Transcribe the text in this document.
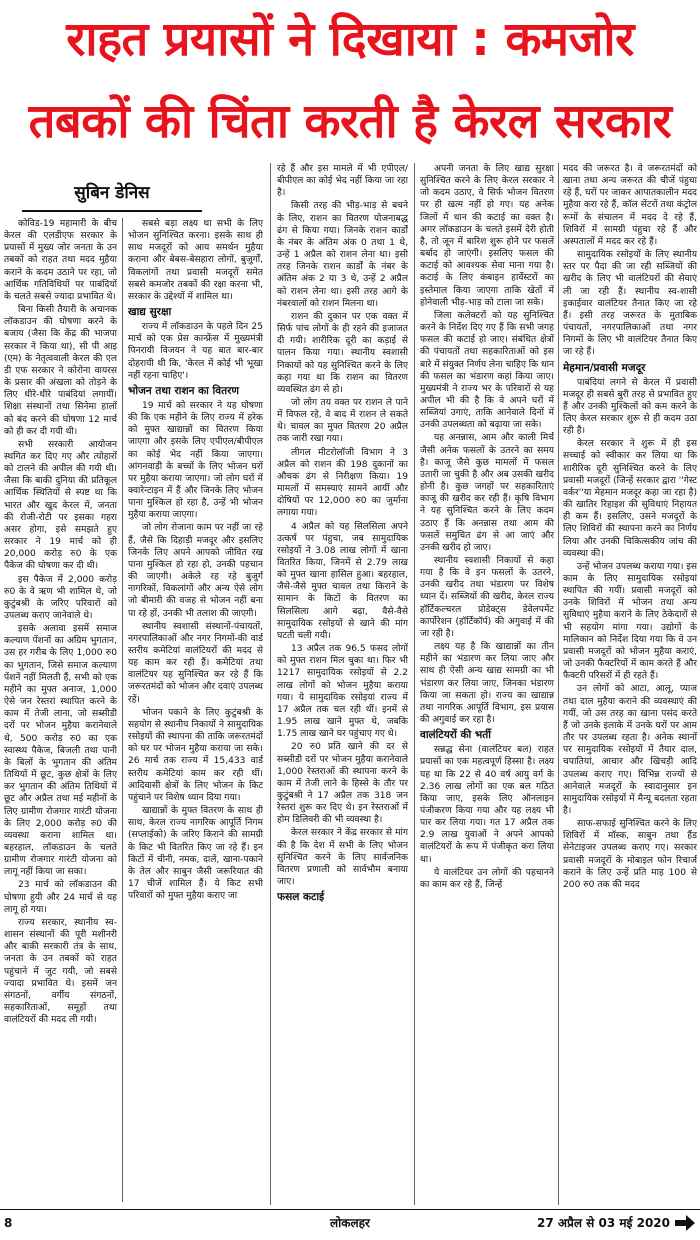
राहत प्रयासों ने दिखाया : कमजोर
तबकों की चिंता करती है केरल सरकार
सुबिन डेनिस

कोविड-19 महामारी के बीच केरल की एलडीएफ सरकार के प्रयासों में मुख्य जोर जनता के उन तबकों को राहत तथा मदद मुहैया कराने के कदम उठाने पर रहा, जो आर्थिक गतिविधियों पर पाबंदियों के चलते सबसे ज्यादा प्रभावित थे।

बिना किसी तैयारी के अचानक लॉकडाउन की घोषणा करने के बजाय (जैसा कि केंद्र की भाजपा सरकार ने किया था), सी पी आइ (एम) के नेतृत्ववाली केरल की एल डी एफ सरकार ने कोरोना वायरस के प्रसार की अंखला को तोड़ने के लिए धीरे-धीरे पाबंदियां लगायीं। शिक्षा संस्थानों तथा सिनेमा हालों को बंद करने की घोषणा 12 मार्च को ही कर दी गयी थी।

सभी सरकारी आयोजन स्थगित कर दिए गए और त्योहारों को टालने की अपील की गयी थी। जैसा कि बाकी दुनिया की प्रतिकूल आर्थिक स्थितियों से स्पष्ट था कि भारत और खुद केरल में, जनता की रोजी-रोटी पर इसका गहरा असर होगा, इसे समझते हुए सरकार ने 19 मार्च को ही 20,000 करोड़ रु0 के एक पैकेज की घोषणा कर दी थी।

इस पैकेज में 2,000 करोड़ रु0 के वे ऋण भी शामिल थे, जो कुटुंबश्री के जरिए परिवारों को उपलब्ध कराए जानेवाले थे।

इसके अलावा इसमें समाज कल्याण पेंशनों का अग्रिम भुगतान, उस हर गरीब के लिए 1,000 रु0 का भुगतान, जिसे समाज कल्याण पेंशनें नहीं मिलती हैं, सभी को एक महीने का मुफ्त अनाज, 1,000 ऐसे जन रेस्तरां स्थापित करने के काम में तेजी लाना, जो सब्सीडी दरों पर भोजन मुहैया करानेवाले थे, 500 करोड़ रु0 का एक स्वास्थ्य पैकेज, बिजली तथा पानी के बिलों के भुगतान की अंतिम तिथियों में छूट, कुछ क्षेत्रों के लिए कर भुगतान की अंतिम तिथियों में छूट और अप्रैल तथा मई महीनों के लिए ग्रामीण रोजगार गारंटी योजना के लिए 2,000 करोड़ रु0 की व्यवस्था कराना शामिल था। बहरहाल, लॉकडाउन के चलते ग्रामीण रोजगार गारंटी योजना को लागू नहीं किया जा सका।

23 मार्च को लॉकडाउन की घोषणा हुयी और 24 मार्च से यह लागू हो गया।

राज्य सरकार, स्थानीय स्व-शासन संस्थानों की पूरी मशीनरी और बाकी सरकारी तंत्र के साथ, जनता के उन तबकों को राहत पहुंचाने में जुट गयी, जो सबसे ज्यादा प्रभावित थे। इसमें जन संगठनों, वर्गीय संगठनों, सहकारिताओं, समूहों तथा वालंटियरों की मदद ली गयी।

सबसे बड़ा लक्ष्य था सभी के लिए भोजन सुनिश्चित करना। इसके साथ ही साथ मजदूरों को आय समर्थन मुहैया कराना और बेबस-बेसहारा लोगों, बुजुर्गों, विकलांगों तथा प्रवासी मजदूरों समेत सबसे कमजोर तबकों की रक्षा करना भी, सरकार के उद्देश्यों में शामिल था।

खाद्य सुरक्षा

राज्य में लॉकडाउन के पहले दिन 25 मार्च को एक प्रेस कान्फ्रेंस में मुख्यमंत्री पिनरायी विजयन ने यह बात बार-बार दोहरायी थी कि, 'केरल में कोई भी भूखा नहीं रहना चाहिए'।

भोजन तथा राशन का वितरण

19 मार्च को सरकार ने यह घोषणा की कि एक महीने के लिए राज्य में हरेक को मुफ्त खाद्यान्नों का वितरण किया जाएगा और इसके लिए एपीएल/बीपीएल का कोई भेद नहीं किया जाएगा। आंगनवाड़ी के बच्चों के लिए भोजन घरों पर मुहैया कराया जाएगा। जो लोग घरों में क्वारेन्टाइन में हैं और जिनके लिए भोजन पाना मुश्किल हो रहा है, उन्हें भी भोजन मुहैया कराया जाएगा।

जो लोग रोजाना काम पर नहीं जा रहे हैं, जैसे कि दिहाड़ी मजदूर और इसलिए जिनके लिए अपने आपको जीवित रख पाना मुश्किल हो रहा हो, उनकी पहचान की जाएगी। अकेले रह रहे बुजुर्ग नागरिकों, विकलांगों और अन्य ऐसे लोग जो बीमारी की वजह से भोजन नहीं बना पा रहे हों, उनकी भी तलाश की जाएगी।

स्थानीय स्वशासी संस्थानों-पंचायतों, नगरपालिकाओं और नगर निगमों-की वार्ड स्तरीय कमेटियां वालंटियरों की मदद से यह काम कर रही हैं। कमेटियां तथा वालंटियर यह सुनिश्चित कर रहे हैं कि जरूरतमंदों को भोजन और दवाएं उपलब्ध रहें।

भोजन पकाने के लिए कुटुंबश्री के सहयोग से स्थानीय निकायों ने सामुदायिक रसोइयों की स्थापना की ताकि जरूरतमंदों को घर पर भोजन मुहैया कराया जा सके। 26 मार्च तक राज्य में 15,433 वार्ड स्तरीय कमेटियां काम कर रही थीं। आदिवासी क्षेत्रों के लिए भोजन के किट पहुंचाने पर विशेष ध्यान दिया गया।

खाद्यान्नों के मुफ्त वितरण के साथ ही साथ, केरल राज्य नागरिक आपूर्ति निगम (सप्लाईको) के जरिए किराने की सामग्री के किट भी वितरित किए जा रहे हैं। इन किटों में चीनी, नमक, दालें, खाना-पकाने के तेल और साबुन जैसी जरूरियात की 17 चीजें शामिल हैं। ये किट सभी परिवारों को मुफ्त मुहैया कराए जा

रहे हैं और इस मामले में भी एपीएल/बीपीएल का कोई भेद नहीं किया जा रहा है।

किसी तरह की भीड़-भाड़ से बचने के लिए, राशन का वितरण योजनाबद्ध ढंग से किया गया। जिनके राशन कार्डों के नंबर के अंतिम अंक 0 तथा 1 थे, उन्हें 1 अप्रैल को राशन लेना था। इसी तरह जिनके राशन कार्डों के नंबर के अंतिम अंक 2 या 3 थे, उन्हें 2 अप्रैल को राशन लेना था। इसी तरह आगे के नंबरवालों को राशन मिलना था।

राशन की दुकान पर एक वक्त में सिर्फ पांच लोगों के ही रहने की इजाजत दी गयी। शारीरिक दूरी का कड़ाई से पालन किया गया। स्थानीय स्वशासी निकायों को यह सुनिश्चित करने के लिए कहा गया था कि राशन का वितरण व्यवस्थित ढंग से हो।

जो लोग तय वक्त पर राशन ले पाने में विफल रहे, वे बाद में राशन ले सकते थे। चावल का मुफ्त वितरण 20 अप्रैल तक जारी रखा गया।

लीगल मीटरोलॉजी विभाग ने 3 अप्रैल को राशन की 198 दुकानों का औचक ढंग से निरीक्षण किया। 19 मामलों में समस्याएं सामने आयीं और दोषियों पर 12,000 रु0 का जुर्माना लगाया गया।

4 अप्रैल को यह सिलसिला अपने उत्कर्ष पर पंहुचा, जब सामुदायिक रसोइयों ने 3.08 लाख लोगों में खाना वितरित किया, जिनमें से 2.79 लाख को मुफ्त खाना हासिल हुआ। बहरहाल, जैसे-जैसे मुफ्त चावल तथा किराने के सामान के किटों के वितरण का सिलसिला आगे बढ़ा, वैसे-वैसे सामुदायिक रसोइयों से खाने की मांग घटती चली गयी।

13 अप्रैल तक 96.5 फसद लोगों को मुफ्त राशन मिल चुका था। फिर भी 1217 सामुदायिक रसोइयों से 2.2 लाख लोगों को भोजन मुहैया कराया गया। ये सामुदायिक रसोइयां राज्य में 17 अप्रैल तक चल रही थीं। इनमें से 1.95 लाख खाने मुफ्त थे, जबकि 1.75 लाख खाने घर पहुंचाए गए थे।

20 रु0 प्रति खाने की दर से सब्सीडी दरों पर भोजन मुहैया करानेवाले 1,000 रेस्तराओं की स्थापना करने के काम में तेजी लाने के हिस्से के तौर पर कुटुंबश्री ने 17 अप्रैल तक 318 जन रेस्तरां शुरू कर दिए थे। इन रेस्तराओं में होम डिलिवरी की भी व्यवस्था है।

केरल सरकार ने केंद्र सरकार से मांग की है कि देश में सभी के लिए भोजन सुनिश्चित करने के लिए सार्वजनिक वितरण प्रणाली को सार्वभौम बनाया जाए।

फसल कटाई

अपनी जनता के लिए खाद्य सुरक्षा सुनिश्चित करने के लिए केरल सरकार ने जो कदम उठाए, वे सिर्फ भोजन वितरण पर ही खत्म नहीं हो गए। यह अनेक जिलों में धान की कटाई का वक्त है। अगर लॉकडाउन के चलते इसमें देरी होती है, तो जून में बारिश शुरू होने पर फसलें बर्बाद हो जाएंगी। इसलिए फसल की कटाई को आवश्यक सेवा माना गया है। कटाई के लिए कंबाइन हार्वेस्टरों का इस्तेमाल किया जाएगा ताकि खेतों में होनेवाली भीड़-भाड़ को टाला जा सके।

जिला कलेक्टरों को यह सुनिश्चित करने के निर्देश दिए गए हैं कि सभी जगह फसल की कटाई हो जाए। संबंधित क्षेत्रों की पंचायतों तथा सहकारिताओं को इस बारे में संयुक्त निर्णय लेना चाहिए कि धान की फसल का भंडारण कहां किया जाए। मुख्यमंत्री ने राज्य भर के परिवारों से यह अपील भी की है कि वे अपने घरों में सब्जियां उगाएं, ताकि आनेवाले दिनों में उनकी उपलब्धता को बढ़ाया जा सके।

यह अनन्नास, आम और काली मिर्च जैसी अनेक फसलों के उतरने का समय है। काजू जैसे कुछ मामलों में फसल उतारी जा चुकी है और अब उसकी खरीद होनी है। कुछ जगहों पर सहकारिताएं काजू की खरीद कर रही हैं। कृषि विभाग ने यह सुनिश्चित करने के लिए कदम उठाए हैं कि अनन्नास तथा आम की फसलें समुचित ढंग से आ जाएं और उनकी खरीद हो जाए।

स्थानीय स्वशासी निकायों से कहा गया है कि वे इन फसलों के उतरने, उनकी खरीद तथा भंडारण पर विशेष ध्यान दें। सब्जियों की खरीद, केरल राज्य हॉर्टिकल्चरल प्रोडेक्ट्स डेवेलपमेंट कार्पोरेशन (हॉर्टिकॉर्प) की अगुवाई में की जा रही है।

लक्ष्य यह है कि खाद्यान्नों का तीन महीने का भंडारण कर लिया जाए और साथ ही ऐसी अन्य खाद्य सामग्री का भी भंडारण कर लिया जाए, जिनका भंडारण किया जा सकता हो। राज्य का खाद्यान्न तथा नागरिक आपूर्ति विभाग, इस प्रयास की अगुवाई कर रहा है।

वालंटियरों की भर्ती

सन्नद्ध सेना (वालंटियर बल) राहत प्रयासों का एक महत्वपूर्ण हिस्सा है। लक्ष्य यह था कि 22 से 40 वर्ष आयु वर्ग के 2.36 लाख लोगों का एक बल गठित किया जाए, इसके लिए ऑनलाइन पंजीकरण किया गया और यह लक्ष्य भी पार कर लिया गया। गत 17 अप्रैल तक 2.9 लाख युवाओं ने अपने आपको वालंटियरों के रूप में पंजीकृत करा लिया था।

ये वालंटियर उन लोगों की पहचानने का काम कर रहे हैं, जिन्हें

मदद की जरूरत है। वे जरूरतमंदों को खाना तथा अन्य जरूरत की चीजें पंहुचा रहे हैं, घरों पर जाकर आपातकालीन मदद मुहैया करा रहे हैं, कॉल सेंटरों तथा कंट्रोल रूमों के संचालन में मदद दे रहे हैं, शिविरों में सामग्री पंहुचा रहे हैं और अस्पतालों में मदद कर रहे हैं।

सामुदायिक रसोइयों के लिए स्थानीय स्तर पर पैदा की जा रही सब्जियों की खरीद के लिए भी वालंटियरों की सेवाएं ली जा रही हैं। स्थानीय स्व-शासी इकाईवार वालंटियर तैनात किए जा रहे हैं। इसी तरह जरूरत के मुताबिक पंचायतों, नगरपालिकाओं तथा नगर निगमों के लिए भी वालंटियर तैनात किए जा रहे हैं।

मेहमान/प्रवासी मजदूर

पाबंदियां लगने से केरल में प्रवासी मजदूर ही सबसे बुरी तरह से प्रभावित हुए हैं और उनकी मुश्किलों को कम करने के लिए केरल सरकार शुरू से ही कदम उठा रही है।

केरल सरकार ने शुरू में ही इस सच्चाई को स्वीकार कर लिया था कि शारीरिक दूरी सुनिश्चित करने के लिए प्रवासी मजदूरों (जिन्हें सरकार द्वारा ''गेस्ट वर्कर''या मेहमान मजदूर कहा जा रहा है) की खातिर रिहाइश की सुविधाएं निहायत ही कम हैं। इसलिए, उसने मजदूरों के लिए शिविरों की स्थापना करने का निर्णय लिया और उनकी चिकित्सकीय जांच की व्यवस्था की।

उन्हें भोजन उपलब्ध कराया गया। इस काम के लिए सामुदायिक रसोइयां स्थापित की गयीं। प्रवासी मजदूरों को उनके शिविरों में भोजन तथा अन्य सुविधाएं मुहैया कराने के लिए ठेकेदारों से भी सहयोग मांगा गया। उद्योगों के मालिकान को निर्देश दिया गया कि वे उन प्रवासी मजदूरों को भोजन मुहैया कराएं, जो उनकी फैक्टरियों में काम करते हैं और फैक्टरी परिसरों में ही रहते हैं।

उन लोगों को आटा, आलू, प्याज तथा दाल मुहैया कराने की व्यवस्थाएं की गयीं, जो उस तरह का खाना पसंद करते हैं जो उनके इलाके में उनके घरों पर आम तौर पर उपलब्ध रहता है। अनेक स्थानों पर सामुदायिक रसोइयों में तैयार दाल, चपातियां, आचार और खिचड़ी आदि उपलब्ध कराए गए। विभिन्न राज्यों से आनेवाले मजदूरों के स्वादानुसार इन सामुदायिक रसोइयों में मैन्यू बदलता रहता है।

साफ-सफाई सुनिश्चित करने के लिए शिविरों में मॉस्क, साबुन तथा हैंड सेनेटाइजर उपलब्ध कराए गए। सरकार प्रवासी मजदूरों के मोबाइल फोन रिचार्ज कराने के लिए उन्हें प्रति माह 100 से 200 रु0 तक की मदद

8	लोकलहर	27 अप्रैल से 03 मई 2020
